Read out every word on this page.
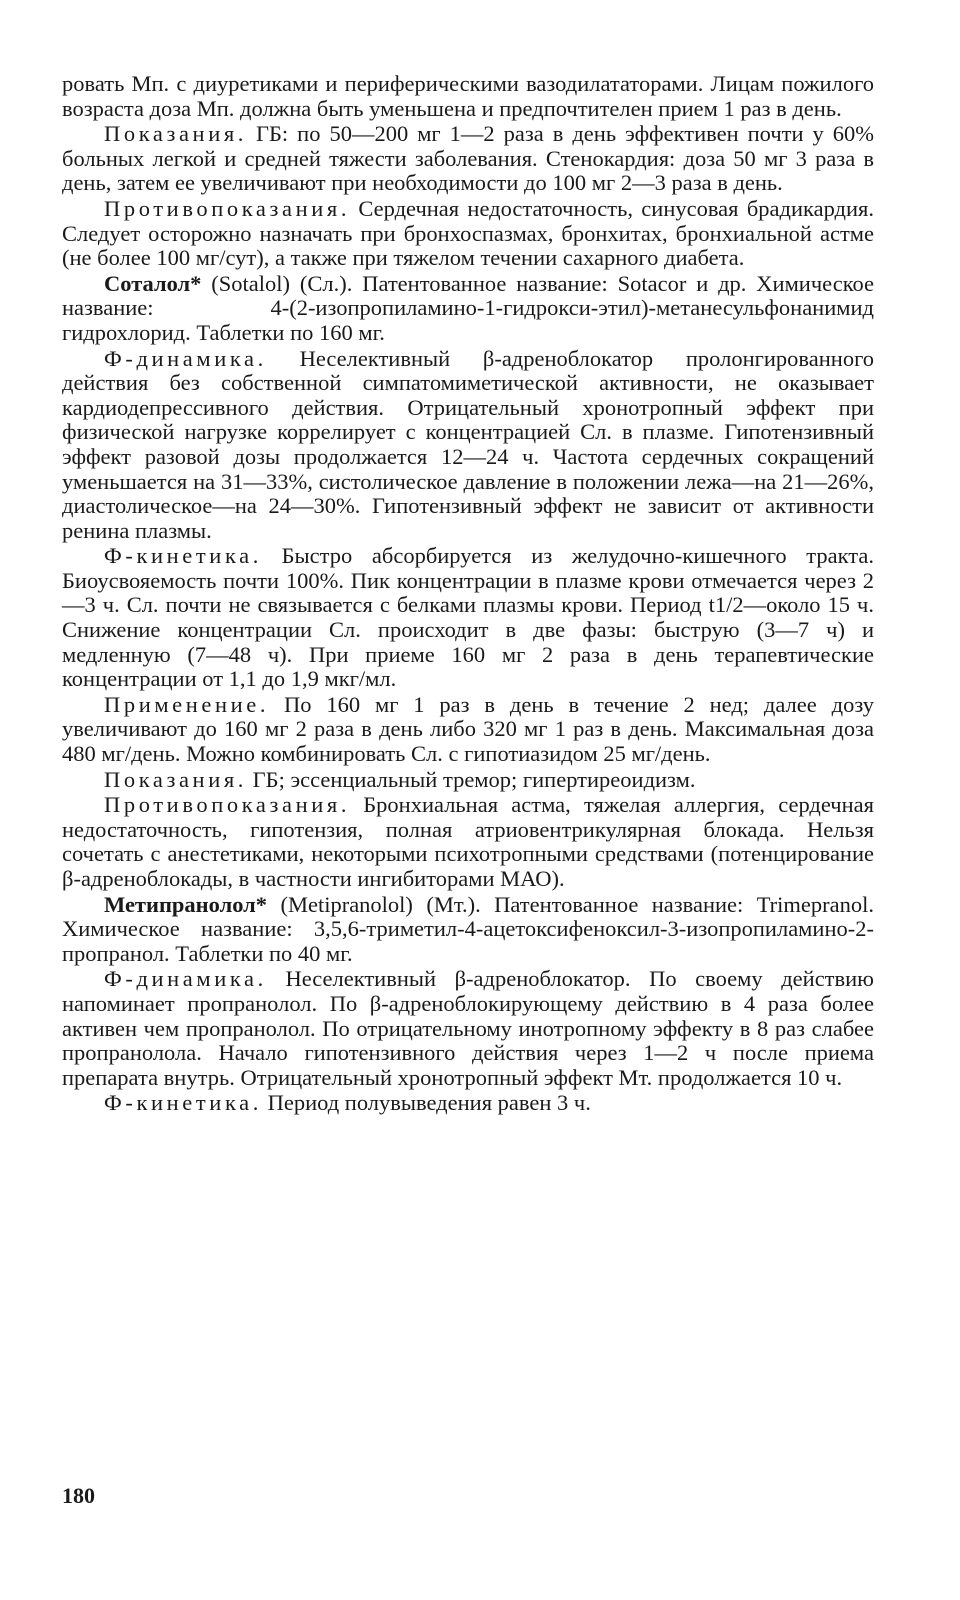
ровать Мп. с диуретиками и периферическими вазодилататорами. Лицам пожилого возраста доза Мп. должна быть уменьшена и предпочтителен прием 1 раз в день.

Показания. ГБ: по 50—200 мг 1—2 раза в день эффективен почти у 60% больных легкой и средней тяжести заболевания. Стенокардия: доза 50 мг 3 раза в день, затем ее увеличивают при необходимости до 100 мг 2—3 раза в день.

Противопоказания. Сердечная недостаточность, синусовая брадикардия. Следует осторожно назначать при бронхоспазмах, бронхитах, бронхиальной астме (не более 100 мг/сут), а также при тяжелом течении сахарного диабета.

Соталол* (Sotalol) (Сл.). Патентованное название: Sotacor и др. Химическое название: 4-(2-изопропиламино-1-гидрокси-этил)-метанесульфонанимид гидрохлорид. Таблетки по 160 мг.

Ф-динамика. Неселективный β-адреноблокатор пролонгированного действия без собственной симпатомиметической активности, не оказывает кардиодепрессивного действия. Отрицательный хронотропный эффект при физической нагрузке коррелирует с концентрацией Сл. в плазме. Гипотензивный эффект разовой дозы продолжается 12—24 ч. Частота сердечных сокращений уменьшается на 31—33%, систолическое давление в положении лежа—на 21—26%, диастолическое—на 24—30%. Гипотензивный эффект не зависит от активности ренина плазмы.

Ф-кинетика. Быстро абсорбируется из желудочно-кишечного тракта. Биоусвояемость почти 100%. Пик концентрации в плазме крови отмечается через 2—3 ч. Сл. почти не связывается с белками плазмы крови. Период t1/2—около 15 ч. Снижение концентрации Сл. происходит в две фазы: быструю (3—7 ч) и медленную (7—48 ч). При приеме 160 мг 2 раза в день терапевтические концентрации от 1,1 до 1,9 мкг/мл.

Применение. По 160 мг 1 раз в день в течение 2 нед; далее дозу увеличивают до 160 мг 2 раза в день либо 320 мг 1 раз в день. Максимальная доза 480 мг/день. Можно комбинировать Сл. с гипотиазидом 25 мг/день.

Показания. ГБ; эссенциальный тремор; гипертиреоидизм.

Противопоказания. Бронхиальная астма, тяжелая аллергия, сердечная недостаточность, гипотензия, полная атриовентрикулярная блокада. Нельзя сочетать с анестетиками, некоторыми психотропными средствами (потенцирование β-адреноблокады, в частности ингибиторами МАО).

Метипранолол* (Metipranolol) (Мт.). Патентованное название: Trimepranol. Химическое название: 3,5,6-триметил-4-ацетоксифеноксил-3-изопропиламино-2-пропранол. Таблетки по 40 мг.

Ф-динамика. Неселективный β-адреноблокатор. По своему действию напоминает пропранолол. По β-адреноблокирующему действию в 4 раза более активен чем пропранолол. По отрицательному инотропному эффекту в 8 раз слабее пропранолола. Начало гипотензивного действия через 1—2 ч после приема препарата внутрь. Отрицательный хронотропный эффект Мт. продолжается 10 ч.

Ф-кинетика. Период полувыведения равен 3 ч.

180
